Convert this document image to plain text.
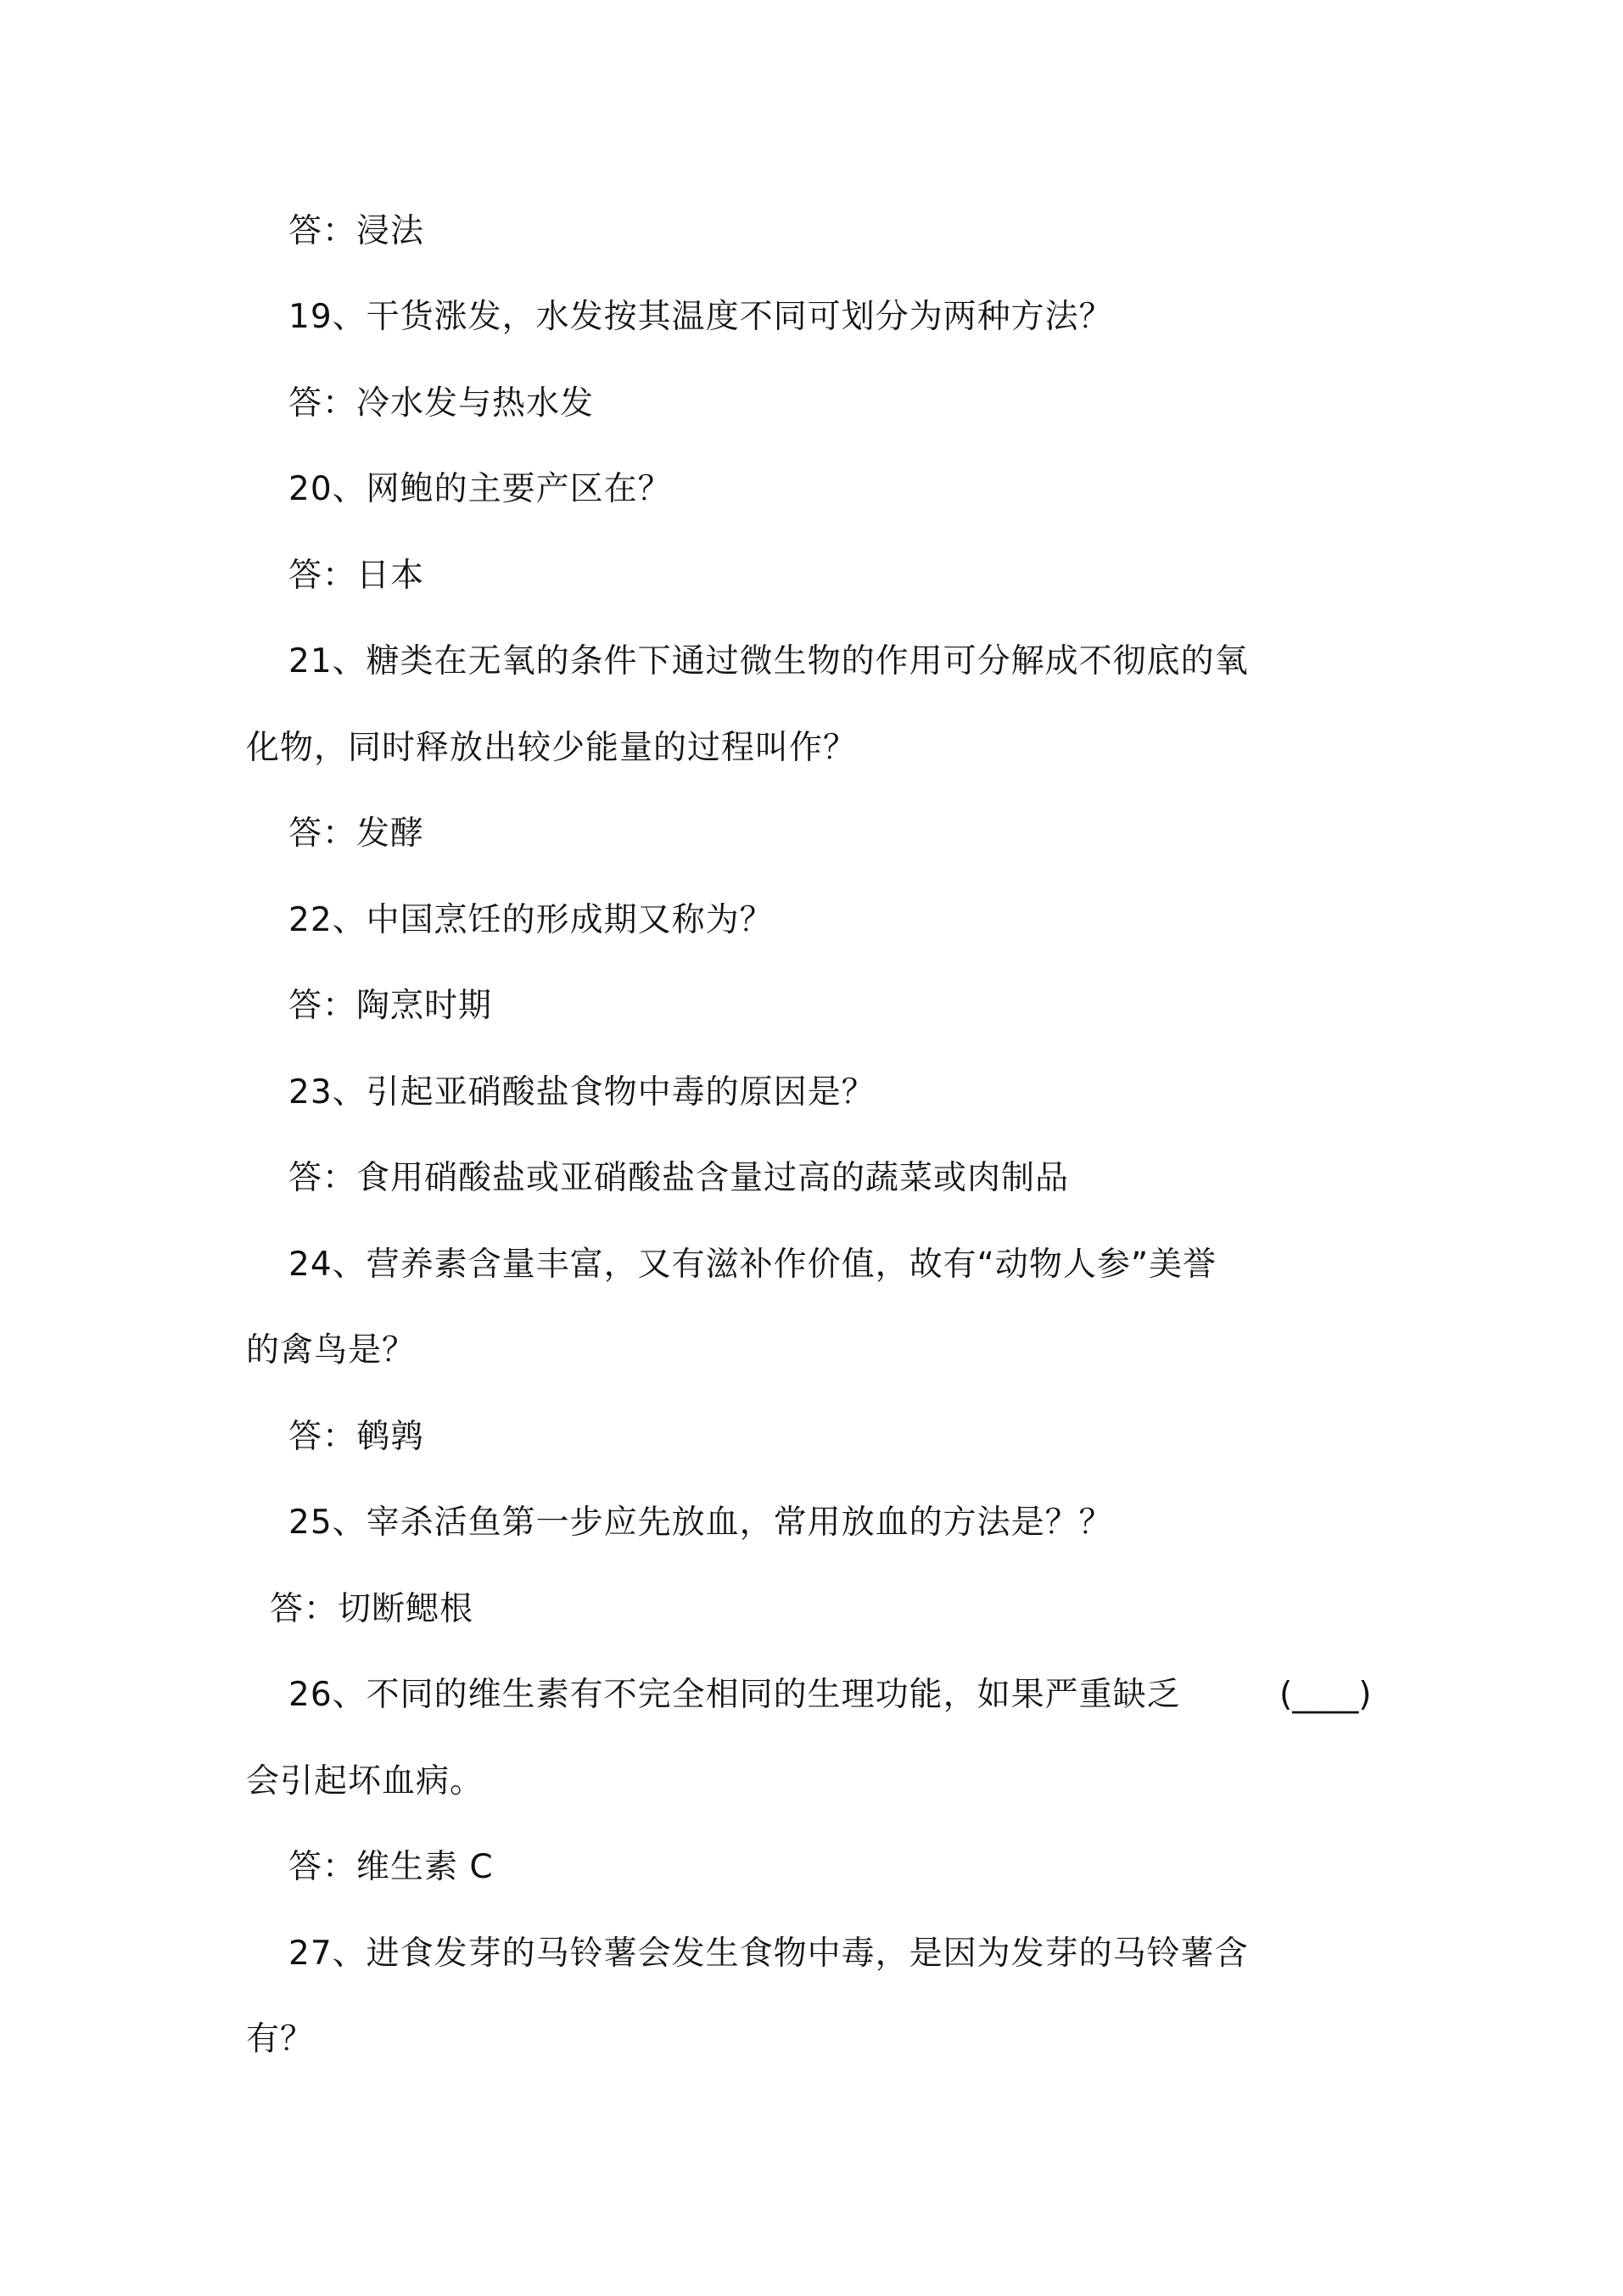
答：浸法
19、干货涨发，水发按其温度不同可划分为两种方法？
答：冷水发与热水发
20、网鲍的主要产区在？
答：日本
21、糖类在无氧的条件下通过微生物的作用可分解成不彻底的氧
化物，同时释放出较少能量的过程叫作？
答：发酵
22、中国烹饪的形成期又称为？
答：陶烹时期
23、引起亚硝酸盐食物中毒的原因是？
答：食用硝酸盐或亚硝酸盐含量过高的蔬菜或肉制品
24、营养素含量丰富，又有滋补作价值，故有“动物人参”美誉
的禽鸟是？
答：鹌鹑
25、宰杀活鱼第一步应先放血，常用放血的方法是？？
答：切断鳃根
26、不同的维生素有不完全相同的生理功能，如果严重缺乏	(____)
会引起坏血病。
答：维生素 C
27、进食发芽的马铃薯会发生食物中毒，是因为发芽的马铃薯含
有？
